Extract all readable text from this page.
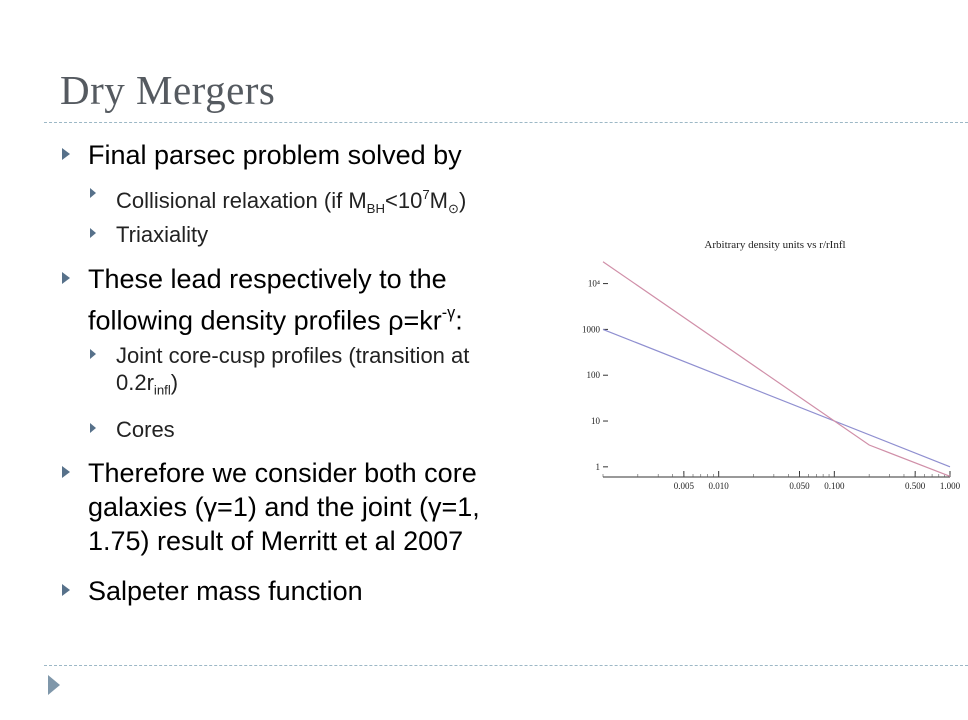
Dry Mergers
Final parsec problem solved by
Collisional relaxation (if $M_{BH}<10^7M_⊙$)
Triaxiality
These lead respectively to the
following density profiles $\rho=kr^{-\gamma}$:
Joint core-cusp profiles (transition at
$0.2r_{infl}$)
Cores
Therefore we consider both core
galaxies (γ=1) and the joint (γ=1,
1.75) result of Merritt et al 2007
Salpeter mass function
Arbitrary density units vs r/rInfl
0.005 0.010	0.050 0.100	0.500 1.000
1
10
100
1000
10⁴
